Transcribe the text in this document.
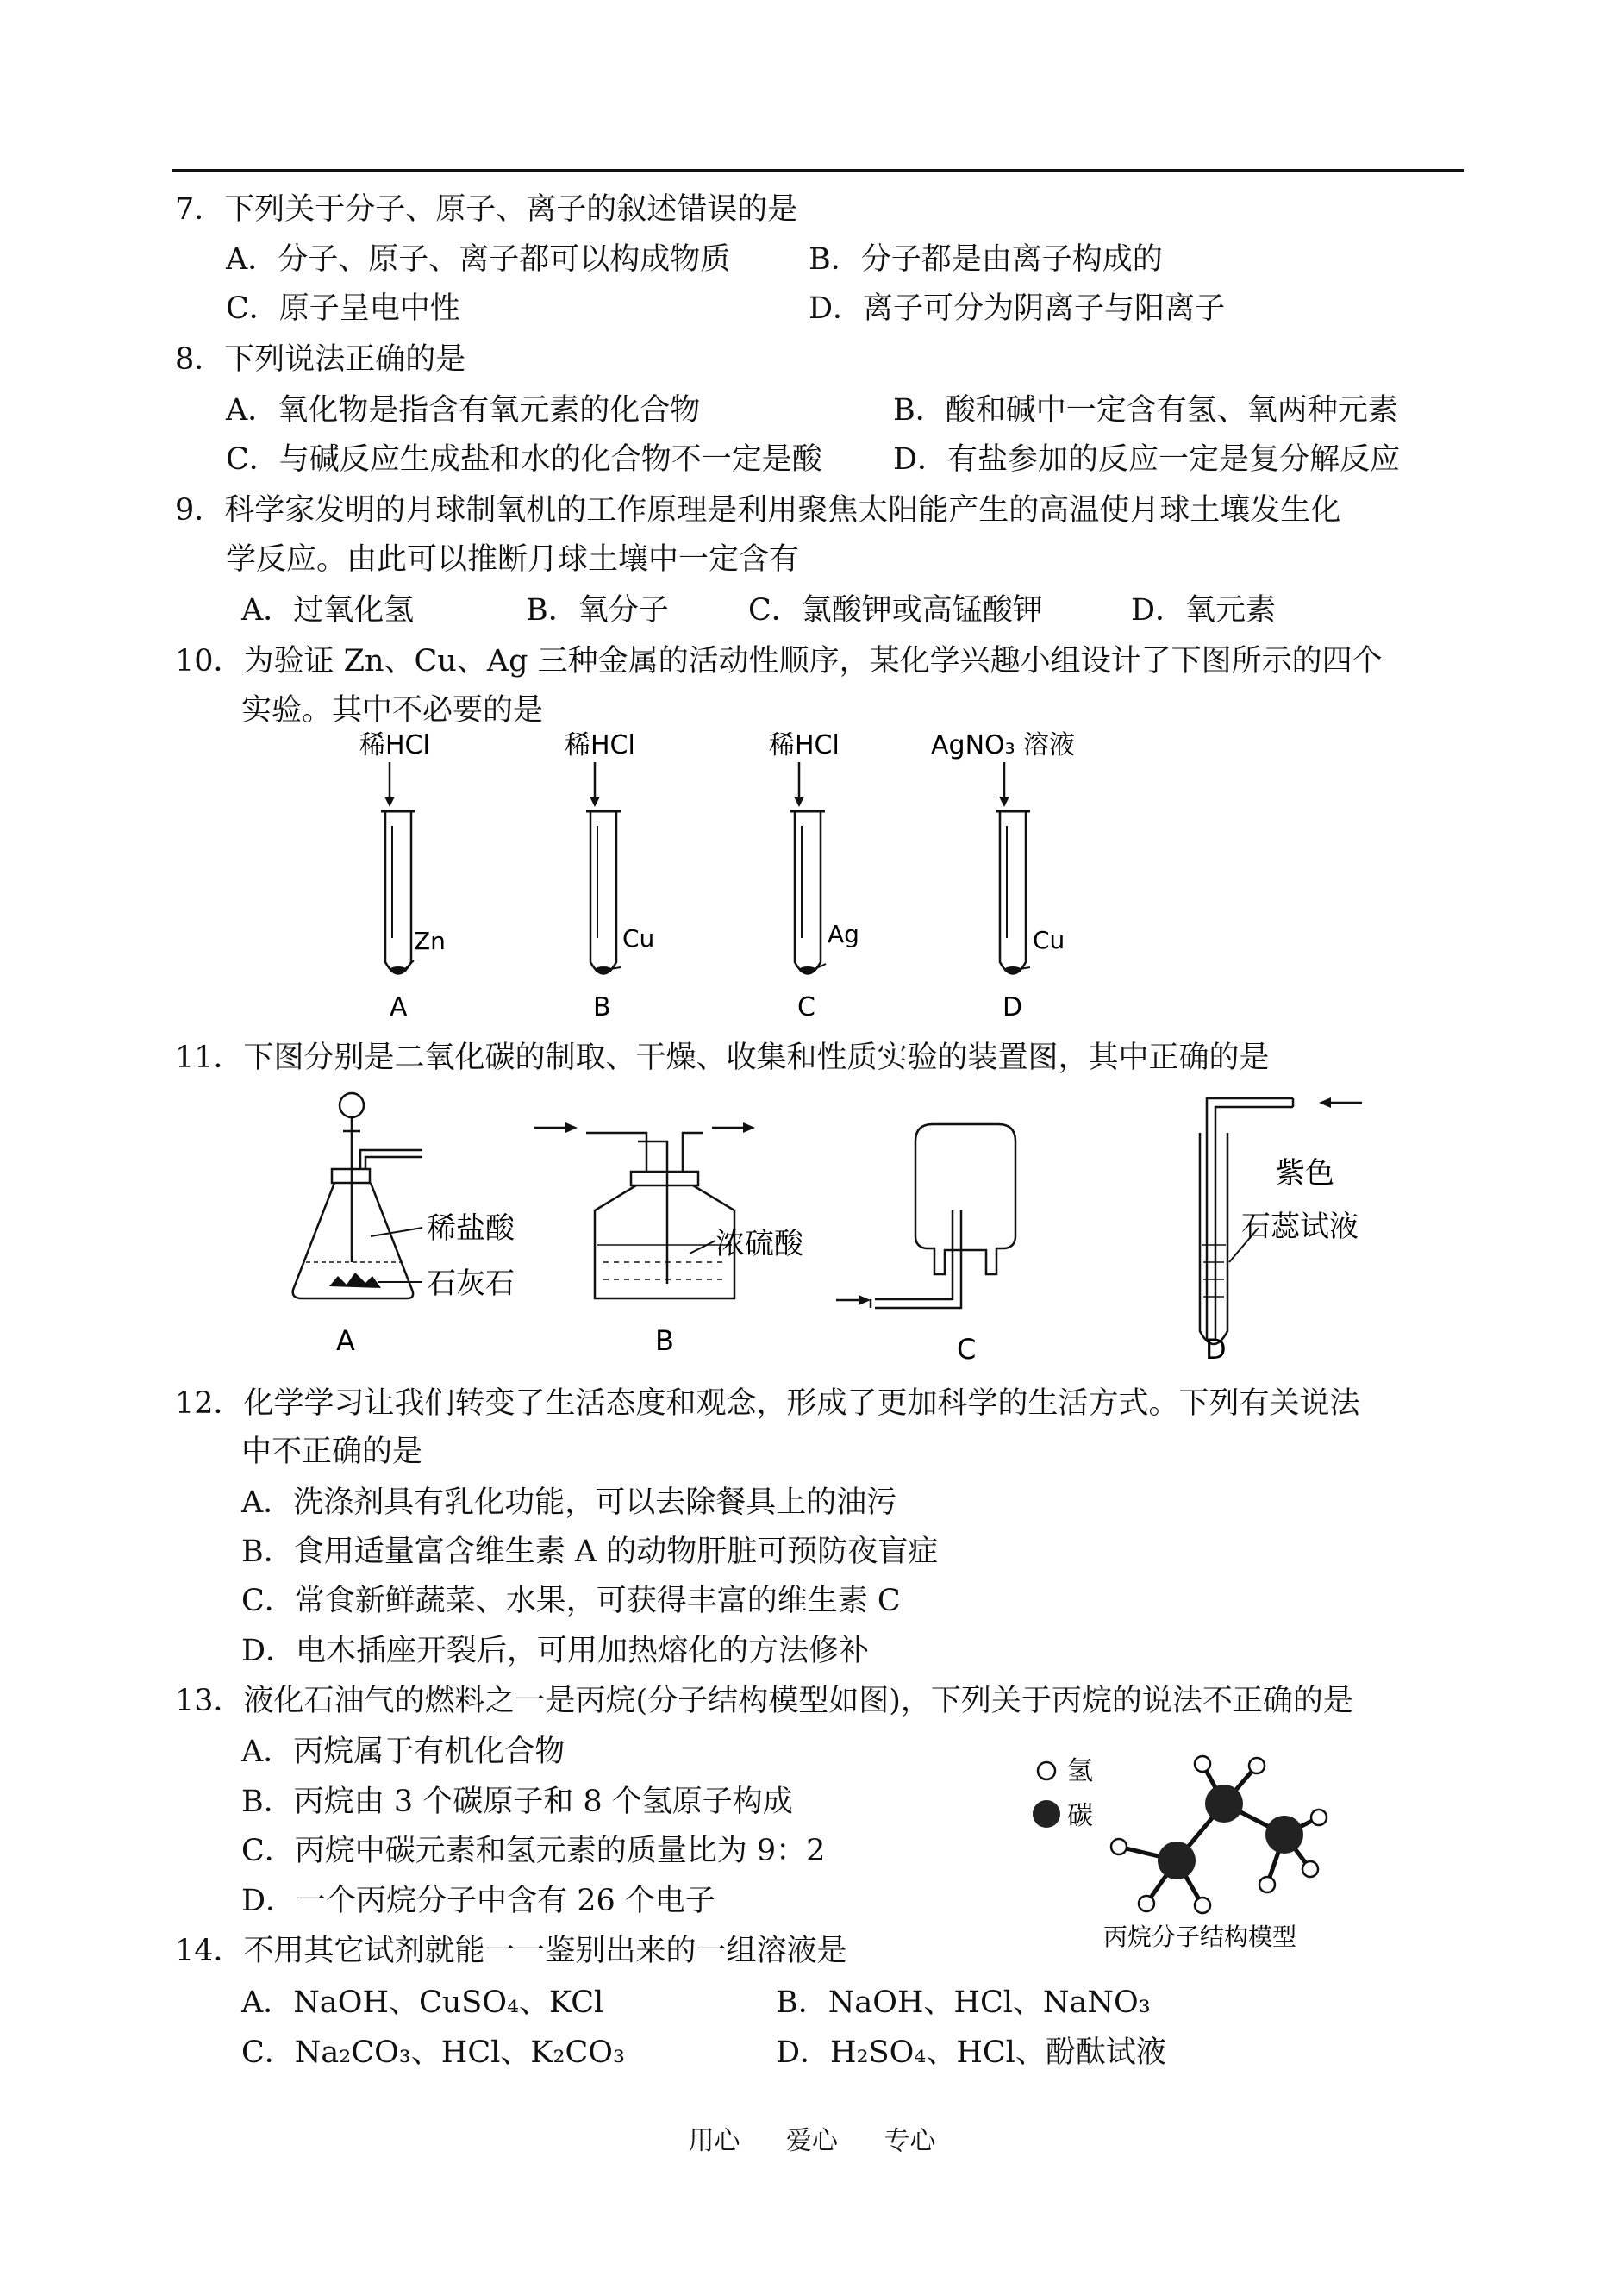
7．下列关于分子、原子、离子的叙述错误的是
A．分子、原子、离子都可以构成物质	B．分子都是由离子构成的
C．原子呈电中性	D．离子可分为阴离子与阳离子
8．下列说法正确的是
A．氧化物是指含有氧元素的化合物	B．酸和碱中一定含有氢、氧两种元素
C．与碱反应生成盐和水的化合物不一定是酸 D．有盐参加的反应一定是复分解反应
9．科学家发明的月球制氧机的工作原理是利用聚焦太阳能产生的高温使月球土壤发生化
学反应。由此可以推断月球土壤中一定含有
A．过氧化氢	B．氧分子	C．氯酸钾或高锰酸钾	D．氧元素
10．为验证 Zn、Cu、Ag 三种金属的活动性顺序，某化学兴趣小组设计了下图所示的四个
实验。其中不必要的是
稀HCl
Zn
A
稀HCl
Cu
B
稀HCl
Ag
C
AgNO₃ 溶液
Cu
D
11．下图分别是二氧化碳的制取、干燥、收集和性质实验的装置图，其中正确的是
稀盐酸
石灰石
A
浓硫酸
B	C
紫色
石蕊试液
D
12．化学学习让我们转变了生活态度和观念，形成了更加科学的生活方式。下列有关说法
中不正确的是
A．洗涤剂具有乳化功能，可以去除餐具上的油污
B．食用适量富含维生素 A 的动物肝脏可预防夜盲症
C．常食新鲜蔬菜、水果，可获得丰富的维生素 C
D．电木插座开裂后，可用加热熔化的方法修补
13．液化石油气的燃料之一是丙烷(分子结构模型如图)，下列关于丙烷的说法不正确的是
A．丙烷属于有机化合物
B．丙烷由 3 个碳原子和 8 个氢原子构成
C．丙烷中碳元素和氢元素的质量比为 9：2
D．一个丙烷分子中含有 26 个电子
氢
碳
丙烷分子结构模型
14．不用其它试剂就能一一鉴别出来的一组溶液是
A．NaOH、CuSO₄、KCl	B．NaOH、HCl、NaNO₃
C．Na₂CO₃、HCl、K₂CO₃	D．H₂SO₄、HCl、酚酞试液
用心 爱心 专心
